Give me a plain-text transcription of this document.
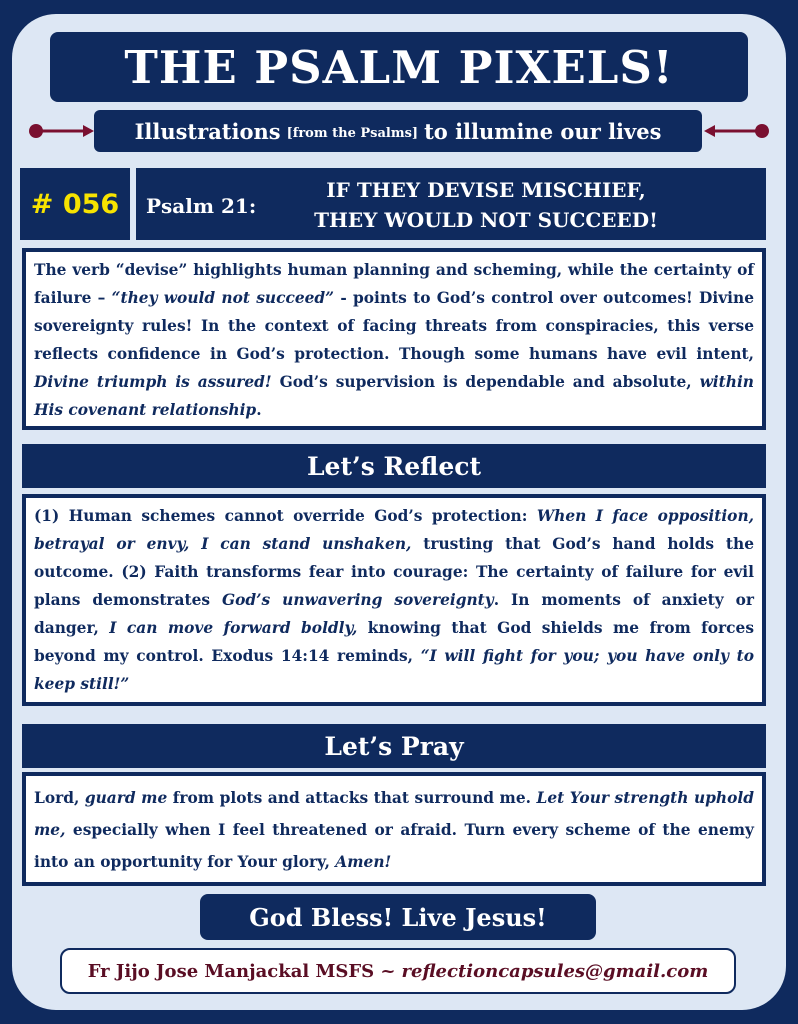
THE PSALM PIXELS!
Illustrations [from the Psalms] to illumine our lives
# 056	Psalm 21:
IF THEY DEVISE MISCHIEF,
THEY WOULD NOT SUCCEED!
The verb “devise” highlights human planning and scheming, while the certainty of failure – “they would not succeed” - points to God’s control over outcomes! Divine sovereignty rules! In the context of facing threats from conspiracies, this verse reflects confidence in God’s protection. Though some humans have evil intent, Divine triumph is assured! God’s supervision is dependable and absolute, within His covenant relationship.
Let’s Reflect
(1) Human schemes cannot override God’s protection: When I face opposition, betrayal or envy, I can stand unshaken, trusting that God’s hand holds the outcome. (2) Faith transforms fear into courage: The certainty of failure for evil plans demonstrates God’s unwavering sovereignty. In moments of anxiety or danger, I can move forward boldly, knowing that God shields me from forces beyond my control. Exodus 14:14 reminds, “I will fight for you; you have only to keep still!”
Let’s Pray
Lord, guard me from plots and attacks that surround me. Let Your strength uphold me, especially when I feel threatened or afraid. Turn every scheme of the enemy into an opportunity for Your glory, Amen!
God Bless! Live Jesus!
Fr Jijo Jose Manjackal MSFS ~ reflectioncapsules@gmail.com
